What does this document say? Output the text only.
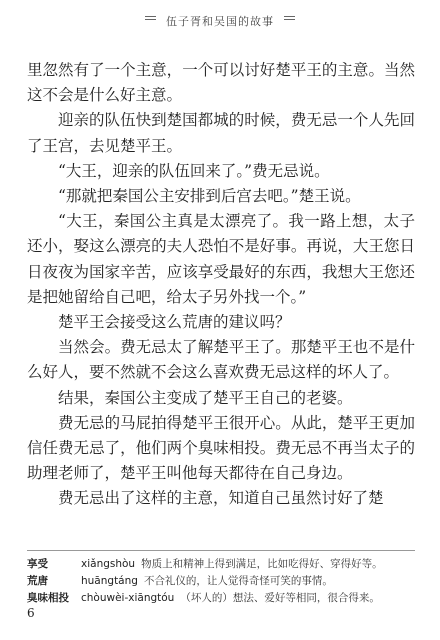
伍子胥和吴国的故事

里忽然有了一个主意，一个可以讨好楚平王的主意。当然这不会是什么好主意。

迎亲的队伍快到楚国都城的时候，费无忌一个人先回了王宫，去见楚平王。

“大王，迎亲的队伍回来了。”费无忌说。

“那就把秦国公主安排到后宫去吧。”楚王说。

“大王，秦国公主真是太漂亮了。我一路上想，太子还小，娶这么漂亮的夫人恐怕不是好事。再说，大王您日日夜夜为国家辛苦，应该享受最好的东西，我想大王您还是把她留给自己吧，给太子另外找一个。”

楚平王会接受这么荒唐的建议吗？

当然会。费无忌太了解楚平王了。那楚平王也不是什么好人，要不然就不会这么喜欢费无忌这样的坏人了。

结果，秦国公主变成了楚平王自己的老婆。

费无忌的马屁拍得楚平王很开心。从此，楚平王更加信任费无忌了，他们两个臭味相投。费无忌不再当太子的助理老师了，楚平王叫他每天都待在自己身边。

费无忌出了这样的主意，知道自己虽然讨好了楚

享受	xiǎngshòu 物质上和精神上得到满足，比如吃得好、穿得好等。
荒唐	huāngtáng 不合礼仪的，让人觉得奇怪可笑的事情。
臭味相投 chòuwèi-xiāngtóu （坏人的）想法、爱好等相同，很合得来。
6
